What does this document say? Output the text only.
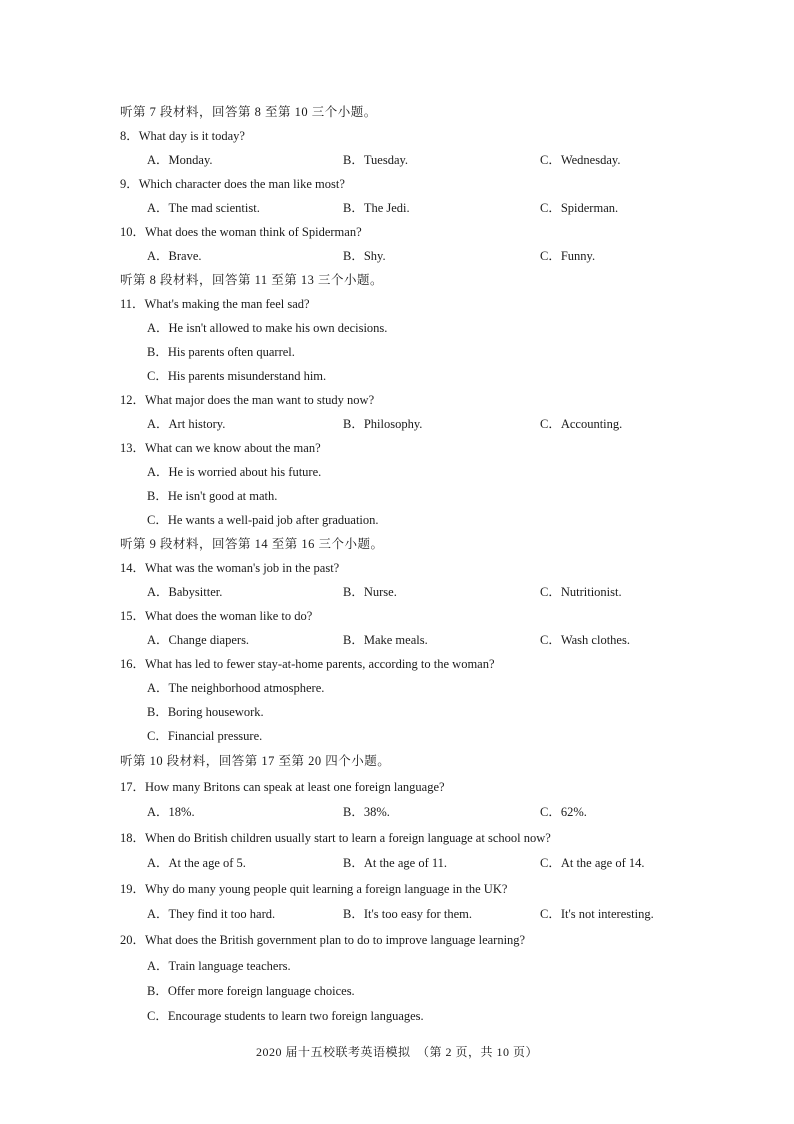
听第 7 段材料，回答第 8 至第 10 三个小题。
8．What day is it today?
A．Monday.	B．Tuesday.	C．Wednesday.
9．Which character does the man like most?
A．The mad scientist.	B．The Jedi.	C．Spiderman.
10．What does the woman think of Spiderman?
A．Brave.	B．Shy.	C．Funny.
听第 8 段材料，回答第 11 至第 13 三个小题。
11．What's making the man feel sad?
A．He isn't allowed to make his own decisions.
B．His parents often quarrel.
C．His parents misunderstand him.
12．What major does the man want to study now?
A．Art history.	B．Philosophy.	C．Accounting.
13．What can we know about the man?
A．He is worried about his future.
B．He isn't good at math.
C．He wants a well-paid job after graduation.
听第 9 段材料，回答第 14 至第 16 三个小题。
14．What was the woman's job in the past?
A．Babysitter.	B．Nurse.	C．Nutritionist.
15．What does the woman like to do?
A．Change diapers.	B．Make meals.	C．Wash clothes.
16．What has led to fewer stay-at-home parents, according to the woman?
A．The neighborhood atmosphere.
B．Boring housework.
C．Financial pressure.
听第 10 段材料，回答第 17 至第 20 四个小题。
17．How many Britons can speak at least one foreign language?
A．18%.	B．38%.	C．62%.
18．When do British children usually start to learn a foreign language at school now?
A．At the age of 5.	B．At the age of 11.	C．At the age of 14.
19．Why do many young people quit learning a foreign language in the UK?
A．They find it too hard.	B．It's too easy for them.	C．It's not interesting.
20．What does the British government plan to do to improve language learning?
A．Train language teachers.
B．Offer more foreign language choices.
C．Encourage students to learn two foreign languages.
2020 届十五校联考英语模拟　（第 2 页，共 10 页）
